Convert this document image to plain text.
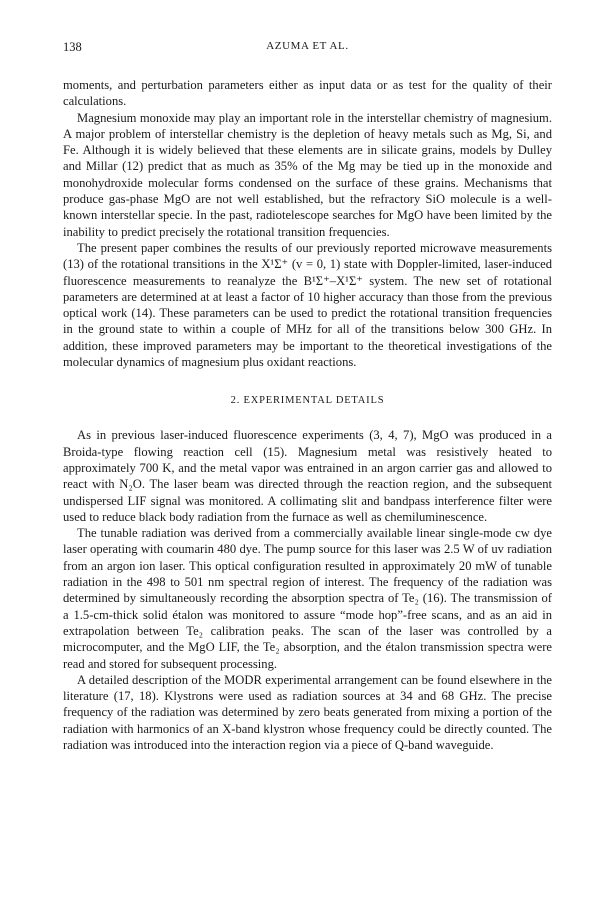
138	AZUMA ET AL.

moments, and perturbation parameters either as input data or as test for the quality of their calculations.

Magnesium monoxide may play an important role in the interstellar chemistry of magnesium. A major problem of interstellar chemistry is the depletion of heavy metals such as Mg, Si, and Fe. Although it is widely believed that these elements are in silicate grains, models by Dulley and Millar (12) predict that as much as 35% of the Mg may be tied up in the monoxide and monohydroxide molecular forms condensed on the surface of these grains. Mechanisms that produce gas-phase MgO are not well established, but the refractory SiO molecule is a well-known interstellar specie. In the past, radiotelescope searches for MgO have been limited by the inability to predict precisely the rotational transition frequencies.

The present paper combines the results of our previously reported microwave measurements (13) of the rotational transitions in the X¹Σ⁺ (v = 0, 1) state with Doppler-limited, laser-induced fluorescence measurements to reanalyze the B¹Σ⁺–X¹Σ⁺ system. The new set of rotational parameters are determined at at least a factor of 10 higher accuracy than those from the previous optical work (14). These parameters can be used to predict the rotational transition frequencies in the ground state to within a couple of MHz for all of the transitions below 300 GHz. In addition, these improved parameters may be important to the theoretical investigations of the molecular dynamics of magnesium plus oxidant reactions.

2. EXPERIMENTAL DETAILS

As in previous laser-induced fluorescence experiments (3, 4, 7), MgO was produced in a Broida-type flowing reaction cell (15). Magnesium metal was resistively heated to approximately 700 K, and the metal vapor was entrained in an argon carrier gas and allowed to react with N₂O. The laser beam was directed through the reaction region, and the subsequent undispersed LIF signal was monitored. A collimating slit and bandpass interference filter were used to reduce black body radiation from the furnace as well as chemiluminescence.

The tunable radiation was derived from a commercially available linear single-mode cw dye laser operating with coumarin 480 dye. The pump source for this laser was 2.5 W of uv radiation from an argon ion laser. This optical configuration resulted in approximately 20 mW of tunable radiation in the 498 to 501 nm spectral region of interest. The frequency of the radiation was determined by simultaneously recording the absorption spectra of Te₂ (16). The transmission of a 1.5-cm-thick solid étalon was monitored to assure “mode hop”-free scans, and as an aid in extrapolation between Te₂ calibration peaks. The scan of the laser was controlled by a microcomputer, and the MgO LIF, the Te₂ absorption, and the étalon transmission spectra were read and stored for subsequent processing.

A detailed description of the MODR experimental arrangement can be found elsewhere in the literature (17, 18). Klystrons were used as radiation sources at 34 and 68 GHz. The precise frequency of the radiation was determined by zero beats generated from mixing a portion of the radiation with harmonics of an X-band klystron whose frequency could be directly counted. The radiation was introduced into the interaction region via a piece of Q-band waveguide.
